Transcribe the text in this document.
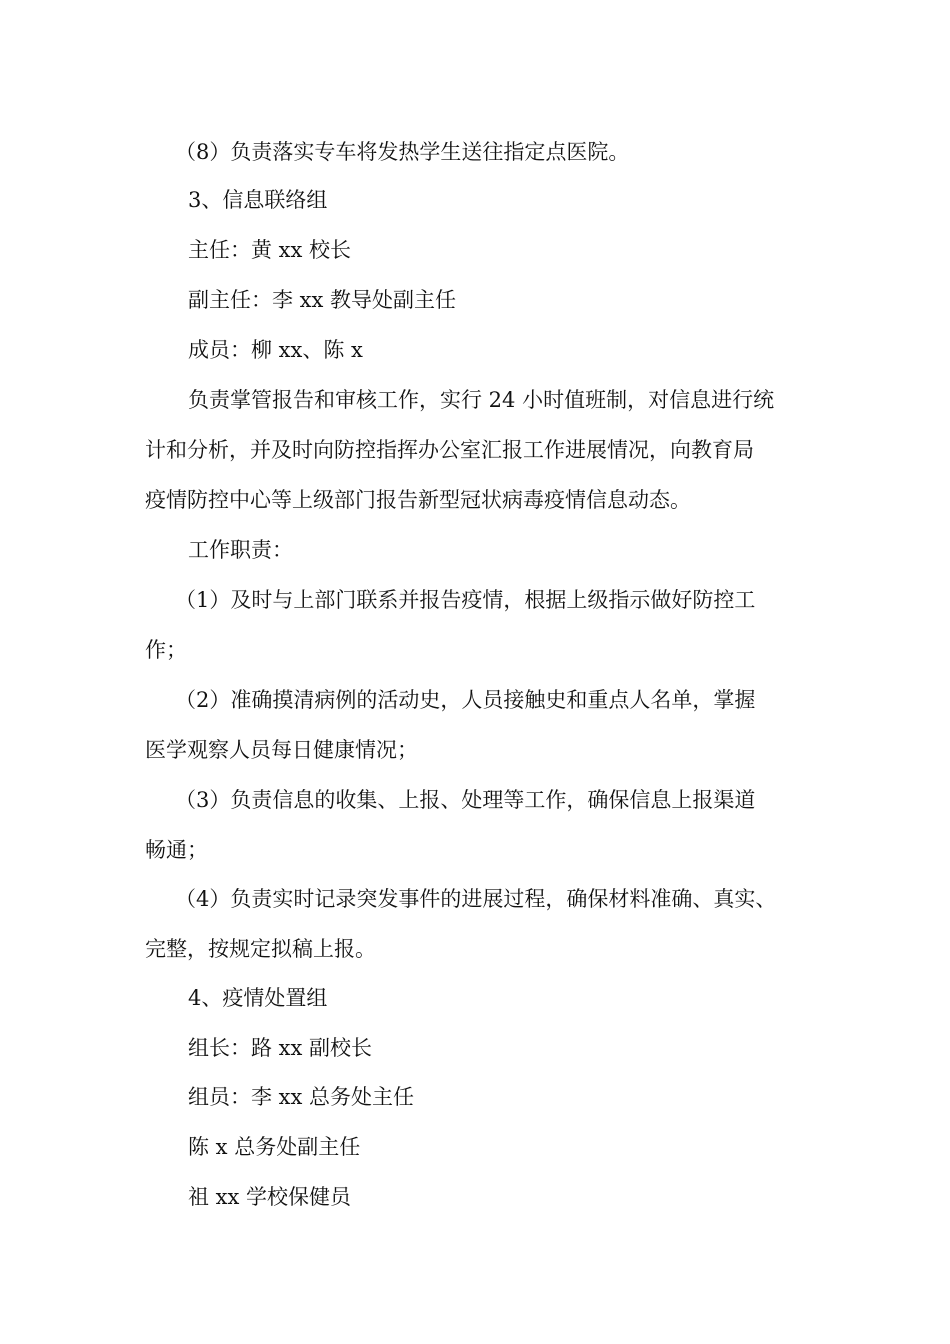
（8）负责落实专车将发热学生送往指定点医院。

3、信息联络组

主任：黄 xx 校长

副主任：李 xx 教导处副主任

成员：柳 xx、陈 x

负责掌管报告和审核工作，实行 24 小时值班制，对信息进行统

计和分析，并及时向防控指挥办公室汇报工作进展情况，向教育局

疫情防控中心等上级部门报告新型冠状病毒疫情信息动态。

工作职责：

（1）及时与上部门联系并报告疫情，根据上级指示做好防控工

作；

（2）准确摸清病例的活动史，人员接触史和重点人名单，掌握

医学观察人员每日健康情况；

（3）负责信息的收集、上报、处理等工作，确保信息上报渠道

畅通；

（4）负责实时记录突发事件的进展过程，确保材料准确、真实、

完整，按规定拟稿上报。

4、疫情处置组

组长：路 xx 副校长

组员：李 xx 总务处主任

陈 x 总务处副主任

祖 xx 学校保健员
